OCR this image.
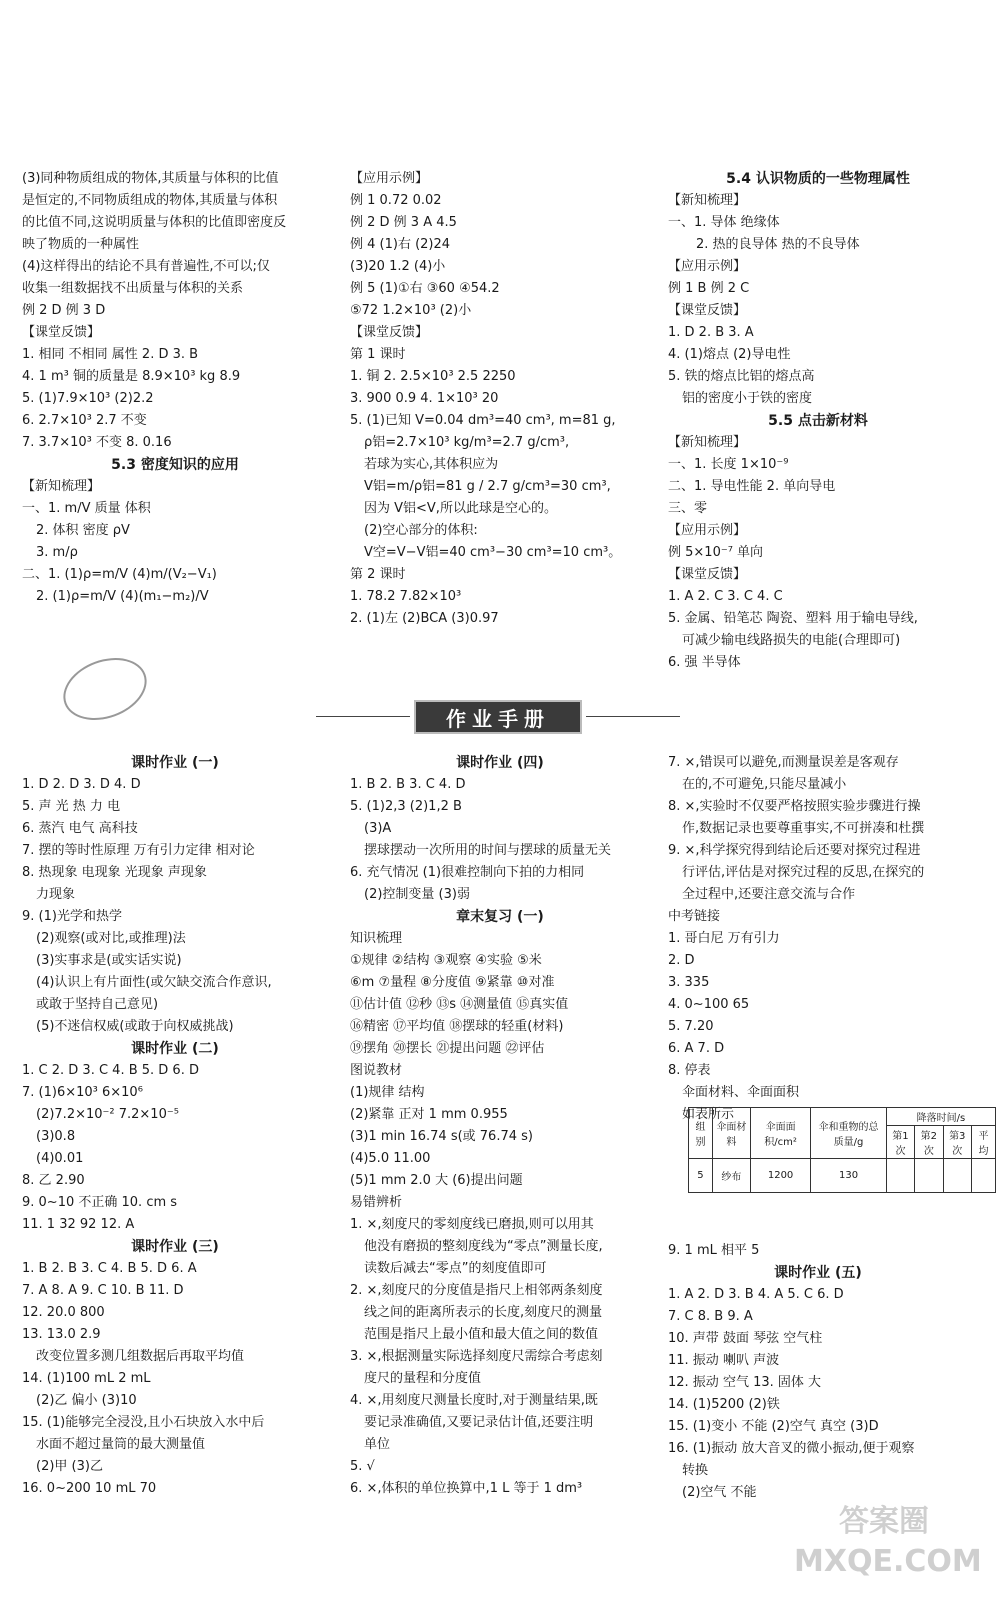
(3)同种物质组成的物体,其质量与体积的比值
是恒定的,不同物质组成的物体,其质量与体积
的比值不同,这说明质量与体积的比值即密度反
映了物质的一种属性
(4)这样得出的结论不具有普遍性,不可以;仅
收集一组数据找不出质量与体积的关系
例 2 D 例 3 D
【课堂反馈】
1. 相同 不相同 属性 2. D 3. B
4. 1 m³ 铜的质量是 8.9×10³ kg 8.9
5. (1)7.9×10³ (2)2.2
6. 2.7×10³ 2.7 不变
7. 3.7×10³ 不变 8. 0.16
5.3 密度知识的应用
【新知梳理】
一、1. m/V 质量 体积
2. 体积 密度 ρV
3. m/ρ
二、1. (1)ρ=m/V (4)m/(V₂−V₁)
2. (1)ρ=m/V (4)(m₁−m₂)/V
【应用示例】
例 1 0.72 0.02
例 2 D 例 3 A 4.5
例 4 (1)右 (2)24
(3)20 1.2 (4)小
例 5 (1)①右 ③60 ④54.2
⑤72 1.2×10³ (2)小
【课堂反馈】
第 1 课时
1. 铜 2. 2.5×10³ 2.5 2250
3. 900 0.9 4. 1×10³ 20
5. (1)已知 V=0.04 dm³=40 cm³, m=81 g,
ρ铝=2.7×10³ kg/m³=2.7 g/cm³,
若球为实心,其体积应为
V铝=m/ρ铝=81 g / 2.7 g/cm³=30 cm³,
因为 V铝<V,所以此球是空心的。
(2)空心部分的体积:
V空=V−V铝=40 cm³−30 cm³=10 cm³。
第 2 课时
1. 78.2 7.82×10³
2. (1)左 (2)BCA (3)0.97
5.4 认识物质的一些物理属性
【新知梳理】
一、1. 导体 绝缘体
2. 热的良导体 热的不良导体
【应用示例】
例 1 B 例 2 C
【课堂反馈】
1. D 2. B 3. A
4. (1)熔点 (2)导电性
5. 铁的熔点比铝的熔点高
铝的密度小于铁的密度
5.5 点击新材料
【新知梳理】
一、1. 长度 1×10⁻⁹
二、1. 导电性能 2. 单向导电
三、零
【应用示例】
例 5×10⁻⁷ 单向
【课堂反馈】
1. A 2. C 3. C 4. C
5. 金属、铅笔芯 陶瓷、塑料 用于输电导线,
可减少输电线路损失的电能(合理即可)
6. 强 半导体
作业手册
课时作业 (一)
1. D 2. D 3. D 4. D
5. 声 光 热 力 电
6. 蒸汽 电气 高科技
7. 摆的等时性原理 万有引力定律 相对论
8. 热现象 电现象 光现象 声现象
力现象
9. (1)光学和热学
(2)观察(或对比,或推理)法
(3)实事求是(或实话实说)
(4)认识上有片面性(或欠缺交流合作意识,
或敢于坚持自己意见)
(5)不迷信权威(或敢于向权威挑战)
课时作业 (二)
1. C 2. D 3. C 4. B 5. D 6. D
7. (1)6×10³ 6×10⁶
(2)7.2×10⁻² 7.2×10⁻⁵
(3)0.8
(4)0.01
8. 乙 2.90
9. 0~10 不正确 10. cm s
11. 1 32 92 12. A
课时作业 (三)
1. B 2. B 3. C 4. B 5. D 6. A
7. A 8. A 9. C 10. B 11. D
12. 20.0 800
13. 13.0 2.9
改变位置多测几组数据后再取平均值
14. (1)100 mL 2 mL
(2)乙 偏小 (3)10
15. (1)能够完全浸没,且小石块放入水中后
水面不超过量筒的最大测量值
(2)甲 (3)乙
16. 0~200 10 mL 70
课时作业 (四)
1. B 2. B 3. C 4. D
5. (1)2,3 (2)1,2 B
(3)A
摆球摆动一次所用的时间与摆球的质量无关
6. 充气情况 (1)很难控制向下拍的力相同
(2)控制变量 (3)弱
章末复习 (一)
知识梳理
①规律 ②结构 ③观察 ④实验 ⑤米
⑥m ⑦量程 ⑧分度值 ⑨紧靠 ⑩对准
⑪估计值 ⑫秒 ⑬s ⑭测量值 ⑮真实值
⑯精密 ⑰平均值 ⑱摆球的轻重(材料)
⑲摆角 ⑳摆长 ㉑提出问题 ㉒评估
图说教材
(1)规律 结构
(2)紧靠 正对 1 mm 0.955
(3)1 min 16.74 s(或 76.74 s)
(4)5.0 11.00
(5)1 mm 2.0 大 (6)提出问题
易错辨析
1. ×,刻度尺的零刻度线已磨损,则可以用其
他没有磨损的整刻度线为“零点”测量长度,
读数后减去“零点”的刻度值即可
2. ×,刻度尺的分度值是指尺上相邻两条刻度
线之间的距离所表示的长度,刻度尺的测量
范围是指尺上最小值和最大值之间的数值
3. ×,根据测量实际选择刻度尺需综合考虑刻
度尺的量程和分度值
4. ×,用刻度尺测量长度时,对于测量结果,既
要记录准确值,又要记录估计值,还要注明
单位
5. √
6. ×,体积的单位换算中,1 L 等于 1 dm³
7. ×,错误可以避免,而测量误差是客观存
在的,不可避免,只能尽量减小
8. ×,实验时不仅要严格按照实验步骤进行操
作,数据记录也要尊重事实,不可拼凑和杜撰
9. ×,科学探究得到结论后还要对探究过程进
行评估,评估是对探究过程的反思,在探究的
全过程中,还要注意交流与合作
中考链接
1. 哥白尼 万有引力
2. D
3. 335
4. 0~100 65
5. 7.20
6. A 7. D
8. 停表
伞面材料、伞面面积
如表所示
9. 1 mL 相平 5
课时作业 (五)
1. A 2. D 3. B 4. A 5. C 6. D
7. C 8. B 9. A
10. 声带 鼓面 琴弦 空气柱
11. 振动 喇叭 声波
12. 振动 空气 13. 固体 大
14. (1)5200 (2)铁
15. (1)变小 不能 (2)空气 真空 (3)D
16. (1)振动 放大音叉的微小振动,便于观察
转换
(2)空气 不能
组别	伞面材料	伞面面积/cm²	伞和重物的总质量/g	降落时间/s			
				第1次	第2次	第3次	平均
5	纱布	1200	130				
答案圈 MXQE.COM
